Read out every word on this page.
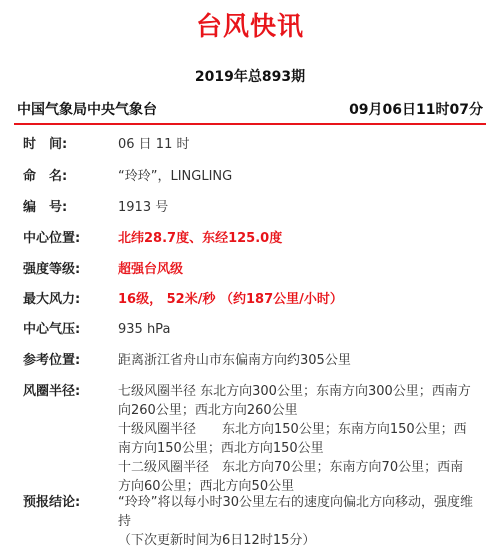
台风快讯
2019年总893期
中国气象局中央气象台	09月06日11时07分
时　间:	06 日 11 时
命　名:	“玲玲”，LINGLING
编　号:	1913 号
中心位置:	北纬28.7度、东经125.0度
强度等级:	超强台风级
最大风力:	16级， 52米/秒 （约187公里/小时）
中心气压:	935 hPa
参考位置:	距离浙江省舟山市东偏南方向约305公里
风圈半径:	七级风圈半径 东北方向300公里；东南方向300公里；西南方向260公里；西北方向260公里
十级风圈半径　　东北方向150公里；东南方向150公里；西南方向150公里；西北方向150公里
十二级风圈半径　东北方向70公里；东南方向70公里；西南方向60公里；西北方向50公里
预报结论:	“玲玲”将以每小时30公里左右的速度向偏北方向移动，强度维持
（下次更新时间为6日12时15分）
